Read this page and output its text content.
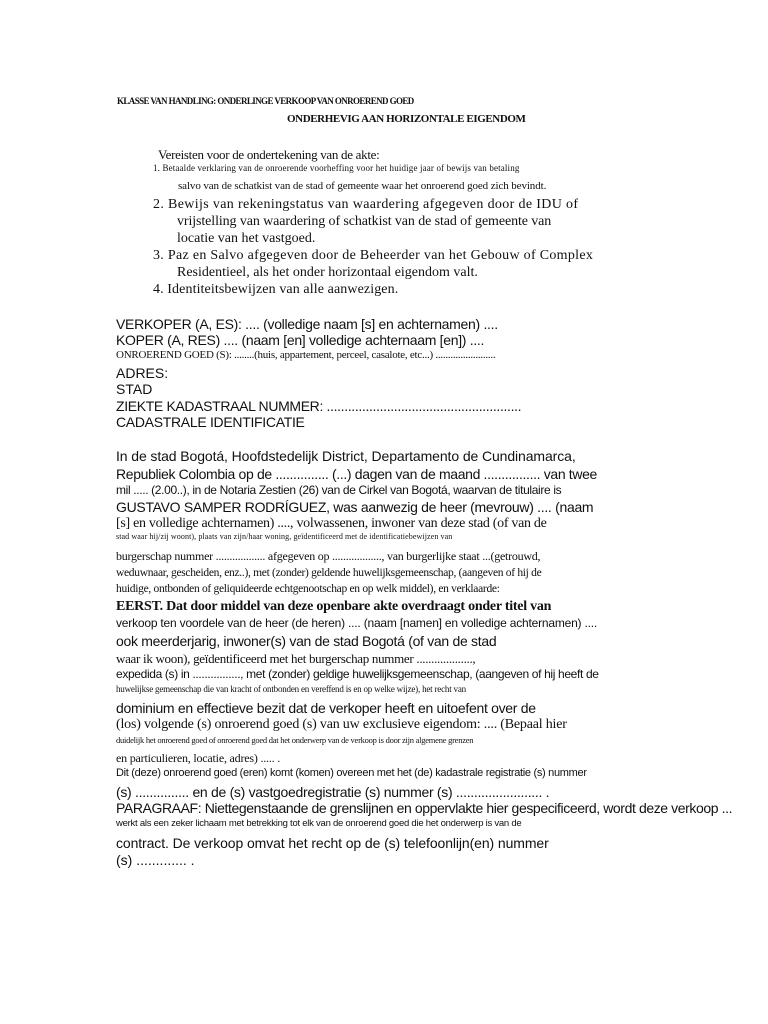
KLASSE VAN HANDLING: ONDERLINGE VERKOOP VAN ONROEREND GOED

ONDERHEVIG AAN HORIZONTALE EIGENDOM

Vereisten voor de ondertekening van de akte:

1. Betaalde verklaring van de onroerende voorheffing voor het huidige jaar of bewijs van betaling

salvo van de schatkist van de stad of gemeente waar het onroerend goed zich bevindt.

2. Bewijs van rekeningstatus van waardering afgegeven door de IDU of

vrijstelling van waardering of schatkist van de stad of gemeente van

locatie van het vastgoed.

3. Paz en Salvo afgegeven door de Beheerder van het Gebouw of Complex

Residentieel, als het onder horizontaal eigendom valt.

4. Identiteitsbewijzen van alle aanwezigen.

VERKOPER (A, ES): .... (volledige naam [s] en achternamen) ....

KOPER (A, RES) .... (naam [en] volledige achternaam [en]) ....

ONROEREND GOED (S): ........(huis, appartement, perceel, casalote, etc...) ........................

ADRES:

STAD

ZIEKTE KADASTRAAL NUMMER: .......................................................

CADASTRALE IDENTIFICATIE

In de stad Bogotá, Hoofdstedelijk District, Departamento de Cundinamarca,

Republiek Colombia op de ............... (...) dagen van de maand ................ van twee

mil ..... (2.00..), in de Notaria Zestien (26) van de Cirkel van Bogotá, waarvan de titulaire is

GUSTAVO SAMPER RODRÍGUEZ, was aanwezig de heer (mevrouw) .... (naam

[s] en volledige achternamen) ...., volwassenen, inwoner van deze stad (of van de

stad waar hij/zij woont), plaats van zijn/haar woning, geïdentificeerd met de identificatiebewijzen van

burgerschap nummer .................. afgegeven op .................., van burgerlijke staat ...(getrouwd,

weduwnaar, gescheiden, enz..), met (zonder) geldende huwelijksgemeenschap, (aangeven of hij de

huidige, ontbonden of geliquideerde echtgenootschap en op welk middel), en verklaarde:

EERST. Dat door middel van deze openbare akte overdraagt onder titel van

verkoop ten voordele van de heer (de heren) .... (naam [namen] en volledige achternamen) ....

ook meerderjarig, inwoner(s) van de stad Bogotá (of van de stad

waar ik woon), geïdentificeerd met het burgerschap nummer ...................,

expedida (s) in ................, met (zonder) geldige huwelijksgemeenschap, (aangeven of hij heeft de

huwelijkse gemeenschap die van kracht of ontbonden en vereffend is en op welke wijze), het recht van

dominium en effectieve bezit dat de verkoper heeft en uitoefent over de

(los) volgende (s) onroerend goed (s) van uw exclusieve eigendom: .... (Bepaal hier

duidelijk het onroerend goed of onroerend goed dat het onderwerp van de verkoop is door zijn algemene grenzen

en particulieren, locatie, adres) ..... .

Dit (deze) onroerend goed (eren) komt (komen) overeen met het (de) kadastrale registratie (s) nummer

(s) ............... en de (s) vastgoedregistratie (s) nummer (s) ........................ .

PARAGRAAF: Niettegenstaande de grenslijnen en oppervlakte hier gespecificeerd, wordt deze verkoop ...

werkt als een zeker lichaam met betrekking tot elk van de onroerend goed die het onderwerp is van de

contract. De verkoop omvat het recht op de (s) telefoonlijn(en) nummer

(s) ............. .
